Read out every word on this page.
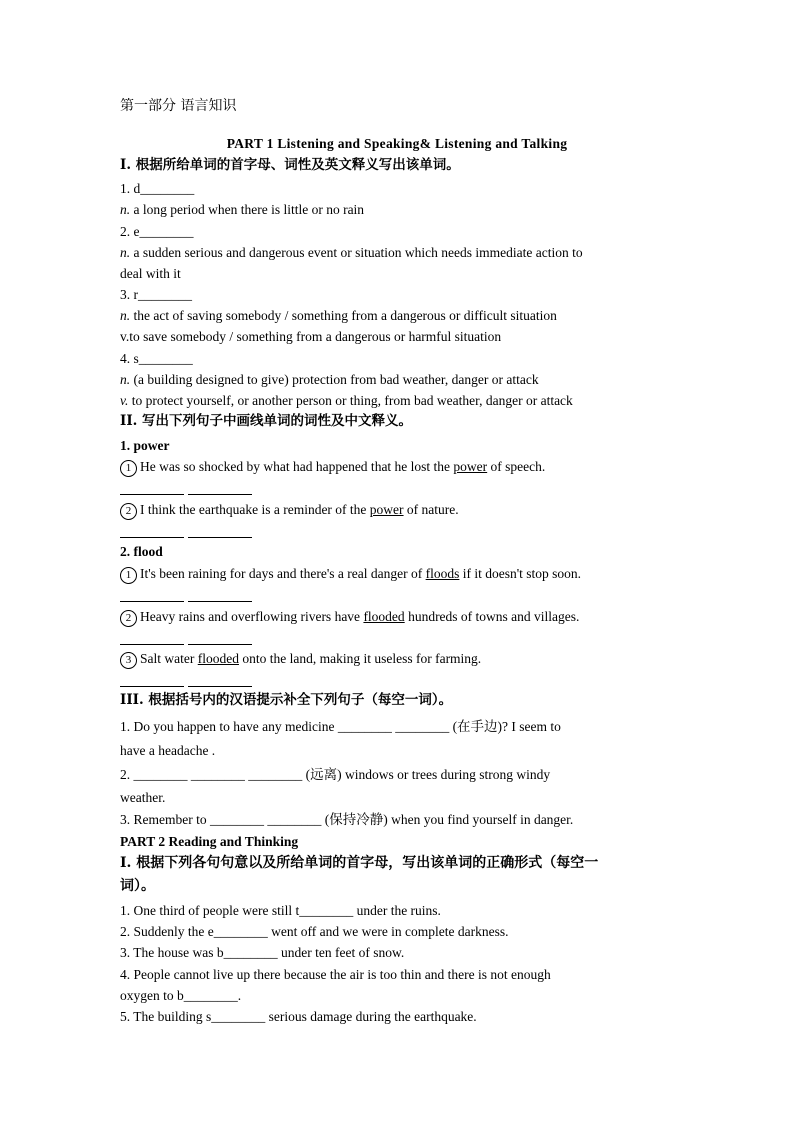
第一部分 语言知识
PART 1 Listening and Speaking& Listening and Talking
I. 根据所给单词的首字母、词性及英文释义写出该单词。
1. d________
n. a long period when there is little or no rain
2. e________
n. a sudden serious and dangerous event or situation which needs immediate action to
deal with it
3. r________
n. the act of saving somebody / something from a dangerous or difficult situation
v.to save somebody / something from a dangerous or harmful situation
4. s________
n. (a building designed to give) protection from bad weather, danger or attack
v. to protect yourself, or another person or thing, from bad weather, danger or attack
II. 写出下列句子中画线单词的词性及中文释义。
1. power
1 He was so shocked by what had happened that he lost the power of speech.
2 I think the earthquake is a reminder of the power of nature.
2. flood
1 It's been raining for days and there's a real danger of floods if it doesn't stop soon.
2 Heavy rains and overflowing rivers have flooded hundreds of towns and villages.
3 Salt water flooded onto the land, making it useless for farming.
III. 根据括号内的汉语提示补全下列句子（每空一词）。
1. Do you happen to have any medicine ________ ________ (在手边)? I seem to
have a headache .
2. ________ ________ ________ (远离) windows or trees during strong windy
weather.
3. Remember to ________ ________ (保持冷静) when you find yourself in danger.
PART 2 Reading and Thinking
I. 根据下列各句句意以及所给单词的首字母，写出该单词的正确形式（每空一
词）。
1. One third of people were still t________ under the ruins.
2. Suddenly the e________ went off and we were in complete darkness.
3. The house was b________ under ten feet of snow.
4. People cannot live up there because the air is too thin and there is not enough
oxygen to b________.
5. The building s________ serious damage during the earthquake.
